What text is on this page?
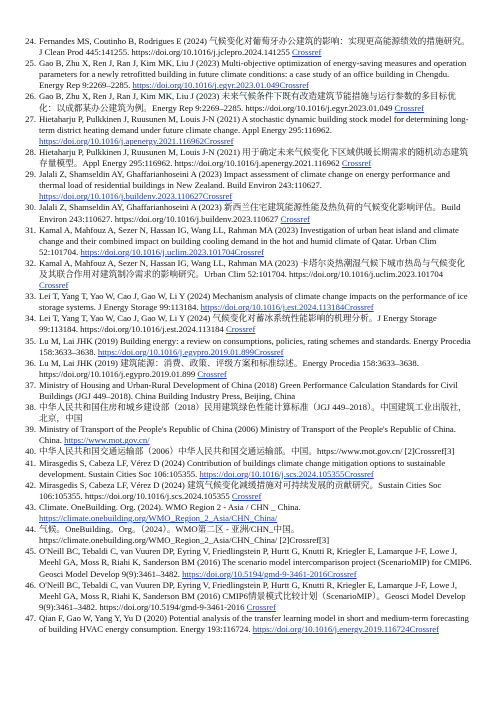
24. Fernandes MS, Coutinho B, Rodrigues E (2024) 气候变化对葡萄牙办公建筑的影响：实现更高能源绩效的措施研究。J Clean Prod 445:141255. https://doi.org/10.1016/j.jclepro.2024.141255 Crossref
25. Gao B, Zhu X, Ren J, Ran J, Kim MK, Liu J (2023) Multi-objective optimization of energy-saving measures and operation parameters for a newly retrofitted building in future climate conditions: a case study of an office building in Chengdu. Energy Rep 9:2269–2285. https://doi.org/10.1016/j.egyr.2023.01.049Crossref
26. Gao B, Zhu X, Ren J, Ran J, Kim MK, Liu J (2023) 未来气候条件下既有改造建筑节能措施与运行参数的多目标优化：以成都某办公建筑为例。Energy Rep 9:2269–2285. https://doi.org/10.1016/j.egyr.2023.01.049 Crossref
27. Hietaharju P, Pulkkinen J, Ruusunen M, Louis J-N (2021) A stochastic dynamic building stock model for determining long-term district heating demand under future climate change. Appl Energy 295:116962. https://doi.org/10.1016/j.apenergy.2021.116962Crossref
28. Hietaharju P, Pulkkinen J, Ruusunen M, Louis J-N (2021) 用于确定未来气候变化下区域供暖长期需求的随机动态建筑存量模型。Appl Energy 295:116962. https://doi.org/10.1016/j.apenergy.2021.116962 Crossref
29. Jalali Z, Shamseldin AY, Ghaffarianhoseini A (2023) Impact assessment of climate change on energy performance and thermal load of residential buildings in New Zealand. Build Environ 243:110627. https://doi.org/10.1016/j.buildenv.2023.110627Crossref
30. Jalali Z, Shamseldin AY, Ghaffarianhoseini A (2023) 新西兰住宅建筑能源性能及热负荷的气候变化影响评估。Build Environ 243:110627. https://doi.org/10.1016/j.buildenv.2023.110627 Crossref
31. Kamal A, Mahfouz A, Sezer N, Hassan IG, Wang LL, Rahman MA (2023) Investigation of urban heat island and climate change and their combined impact on building cooling demand in the hot and humid climate of Qatar. Urban Clim 52:101704. https://doi.org/10.1016/j.uclim.2023.101704Crossref
32. Kamal A, Mahfouz A, Sezer N, Hassan IG, Wang LL, Rahman MA (2023) 卡塔尔炎热潮湿气候下城市热岛与气候变化及其联合作用对建筑制冷需求的影响研究。Urban Clim 52:101704. https://doi.org/10.1016/j.uclim.2023.101704 Crossref
33. Lei T, Yang T, Yao W, Cao J, Gao W, Li Y (2024) Mechanism analysis of climate change impacts on the performance of ice storage systems. J Energy Storage 99:113184. https://doi.org/10.1016/j.est.2024.113184Crossref
34. Lei T, Yang T, Yao W, Cao J, Gao W, Li Y (2024) 气候变化对蓄冰系统性能影响的机理分析。J Energy Storage 99:113184. https://doi.org/10.1016/j.est.2024.113184 Crossref
35. Lu M, Lai JHK (2019) Building energy: a review on consumptions, policies, rating schemes and standards. Energy Procedia 158:3633–3638. https://doi.org/10.1016/j.egypro.2019.01.899Crossref
36. Lu M, Lai JHK (2019) 建筑能源：消费、政策、评级方案和标准综述。Energy Procedia 158:3633–3638. https://doi.org/10.1016/j.egypro.2019.01.899 Crossref
37. Ministry of Housing and Urban-Rural Development of China (2018) Green Performance Calculation Standards for Civil Buildings (JGJ 449–2018). China Building Industry Press, Beijing, China
38. 中华人民共和国住房和城乡建设部（2018）民用建筑绿色性能计算标准（JGJ 449–2018）。中国建筑工业出版社，北京，中国
39. Ministry of Transport of the People's Republic of China (2006) Ministry of Transport of the People's Republic of China. China. https://www.mot.gov.cn/
40. 中华人民共和国交通运输部（2006）中华人民共和国交通运输部。中国。https://www.mot.gov.cn/ [2]Crossref[3]
41. Mirasgedis S, Cabeza LF, Vérez D (2024) Contribution of buildings climate change mitigation options to sustainable development. Sustain Cities Soc 106:105355. https://doi.org/10.1016/j.scs.2024.105355Crossref
42. Mirasgedis S, Cabeza LF, Vérez D (2024) 建筑气候变化减缓措施对可持续发展的贡献研究。Sustain Cities Soc 106:105355. https://doi.org/10.1016/j.scs.2024.105355 Crossref
43. Climate. OneBuilding. Org. (2024). WMO Region 2 - Asia / CHN _ China. https://climate.onebuilding.org/WMO_Region_2_Asia/CHN_China/
44. 气候。OneBuilding。Org。（2024）。WMO第二区 - 亚洲/CHN_中国。https://climate.onebuilding.org/WMO_Region_2_Asia/CHN_China/ [2]Crossref[3]
45. O'Neill BC, Tebaldi C, van Vuuren DP, Eyring V, Friedlingstein P, Hurtt G, Knutti R, Kriegler E, Lamarque J-F, Lowe J, Meehl GA, Moss R, Riahi K, Sanderson BM (2016) The scenario model intercomparison project (ScenarioMIP) for CMIP6. Geosci Model Develop 9(9):3461–3482. https://doi.org/10.5194/gmd-9-3461-2016Crossref
46. O'Neill BC, Tebaldi C, van Vuuren DP, Eyring V, Friedlingstein P, Hurtt G, Knutti R, Kriegler E, Lamarque J-F, Lowe J, Meehl GA, Moss R, Riahi K, Sanderson BM (2016) CMIP6情景模式比较计划（ScenarioMIP）。Geosci Model Develop 9(9):3461–3482. https://doi.org/10.5194/gmd-9-3461-2016 Crossref
47. Qian F, Gao W, Yang Y, Yu D (2020) Potential analysis of the transfer learning model in short and medium-term forecasting of building HVAC energy consumption. Energy 193:116724. https://doi.org/10.1016/j.energy.2019.116724Crossref
